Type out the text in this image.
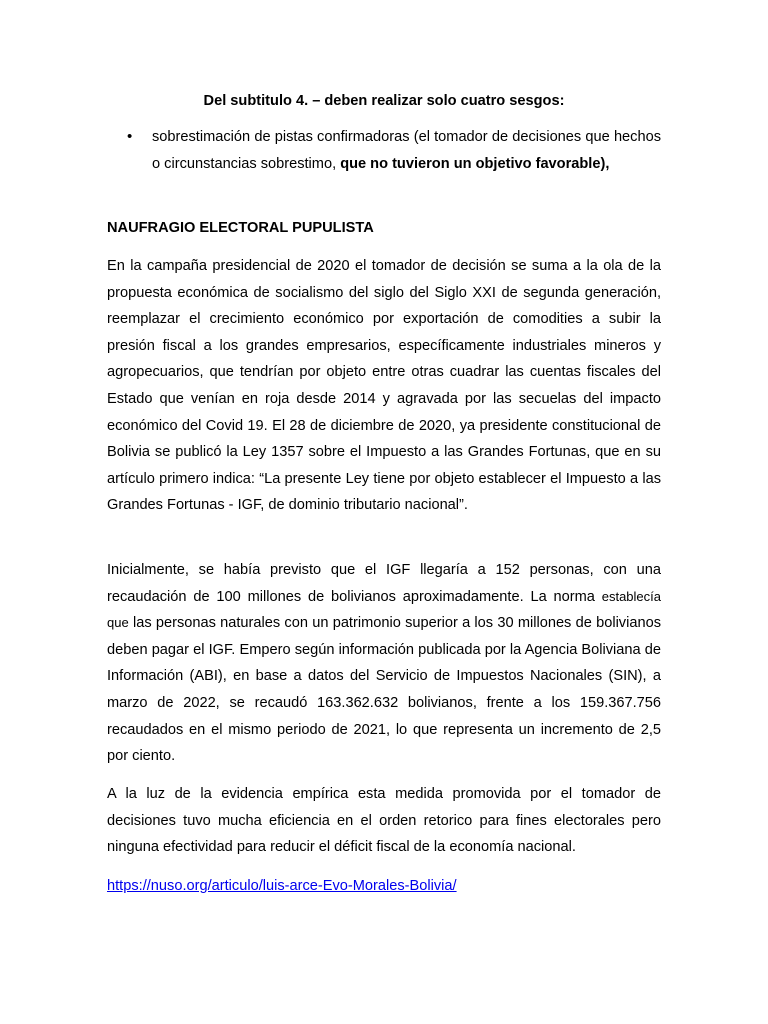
Del subtitulo 4. – deben realizar solo cuatro sesgos:
• sobrestimación de pistas confirmadoras (el tomador de decisiones que hechos o circunstancias sobrestimo, que no tuvieron un objetivo favorable),
NAUFRAGIO ELECTORAL PUPULISTA

En la campaña presidencial de 2020 el tomador de decisión se suma a la ola de la propuesta económica de socialismo del siglo del Siglo XXI de segunda generación, reemplazar el crecimiento económico por exportación de comodities a subir la presión fiscal a los grandes empresarios, específicamente industriales mineros y agropecuarios, que tendrían por objeto entre otras cuadrar las cuentas fiscales del Estado que venían en roja desde 2014 y agravada por las secuelas del impacto económico del Covid 19. El 28 de diciembre de 2020, ya presidente constitucional de Bolivia se publicó la Ley 1357 sobre el Impuesto a las Grandes Fortunas, que en su artículo primero indica: “La presente Ley tiene por objeto establecer el Impuesto a las Grandes Fortunas - IGF, de dominio tributario nacional”.

Inicialmente, se había previsto que el IGF llegaría a 152 personas, con una recaudación de 100 millones de bolivianos aproximadamente. La norma establecía que las personas naturales con un patrimonio superior a los 30 millones de bolivianos deben pagar el IGF. Empero según información publicada por la Agencia Boliviana de Información (ABI), en base a datos del Servicio de Impuestos Nacionales (SIN), a marzo de 2022, se recaudó 163.362.632 bolivianos, frente a los 159.367.756 recaudados en el mismo periodo de 2021, lo que representa un incremento de 2,5 por ciento.

A la luz de la evidencia empírica esta medida promovida por el tomador de decisiones tuvo mucha eficiencia en el orden retorico para fines electorales pero ninguna efectividad para reducir el déficit fiscal de la economía nacional.

https://nuso.org/articulo/luis-arce-Evo-Morales-Bolivia/
